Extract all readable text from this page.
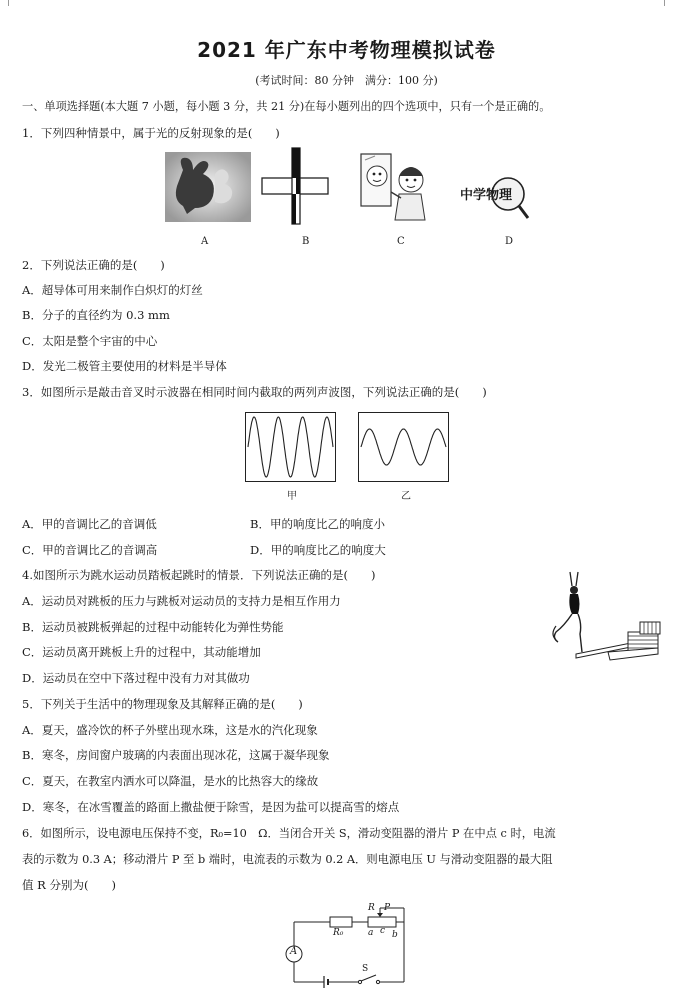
2021 年广东中考物理模拟试卷
(考试时间：80 分钟　满分：100 分)
一、单项选择题(本大题 7 小题，每小题 3 分，共 21 分)在每小题列出的四个选项中，只有一个是正确的。
1．下列四种情景中，属于光的反射现象的是(　　)
A	B	C
中学物理
D
2．下列说法正确的是(　　)
A．超导体可用来制作白炽灯的灯丝
B．分子的直径约为 0.3 mm
C．太阳是整个宇宙的中心
D．发光二极管主要使用的材料是半导体
3．如图所示是敲击音叉时示波器在相同时间内截取的两列声波图，下列说法正确的是(　　)
甲	乙
A．甲的音调比乙的音调低	B．甲的响度比乙的响度小
C．甲的音调比乙的音调高	D．甲的响度比乙的响度大
4.如图所示为跳水运动员踏板起跳时的情景．下列说法正确的是(　　)
A．运动员对跳板的压力与跳板对运动员的支持力是相互作用力
B．运动员被跳板弹起的过程中动能转化为弹性势能
C．运动员离开跳板上升的过程中，其动能增加
D．运动员在空中下落过程中没有力对其做功
5．下列关于生活中的物理现象及其解释正确的是(　　)
A．夏天，盛冷饮的杯子外壁出现水珠，这是水的汽化现象
B．寒冬，房间窗户玻璃的内表面出现冰花，这属于凝华现象
C．夏天，在教室内洒水可以降温，是水的比热容大的缘故
D．寒冬，在冰雪覆盖的路面上撒盐便于除雪，是因为盐可以提高雪的熔点
6．如图所示，设电源电压保持不变，R₀=10　Ω．当闭合开关 S，滑动变阻器的滑片 P 在中点 c 时，电流
表的示数为 0.3 A；移动滑片 P 至 b 端时，电流表的示数为 0.2 A．则电源电压 U 与滑动变阻器的最大阻
值 R 分别为(　　)
A
R₀
R P
a c b
S
